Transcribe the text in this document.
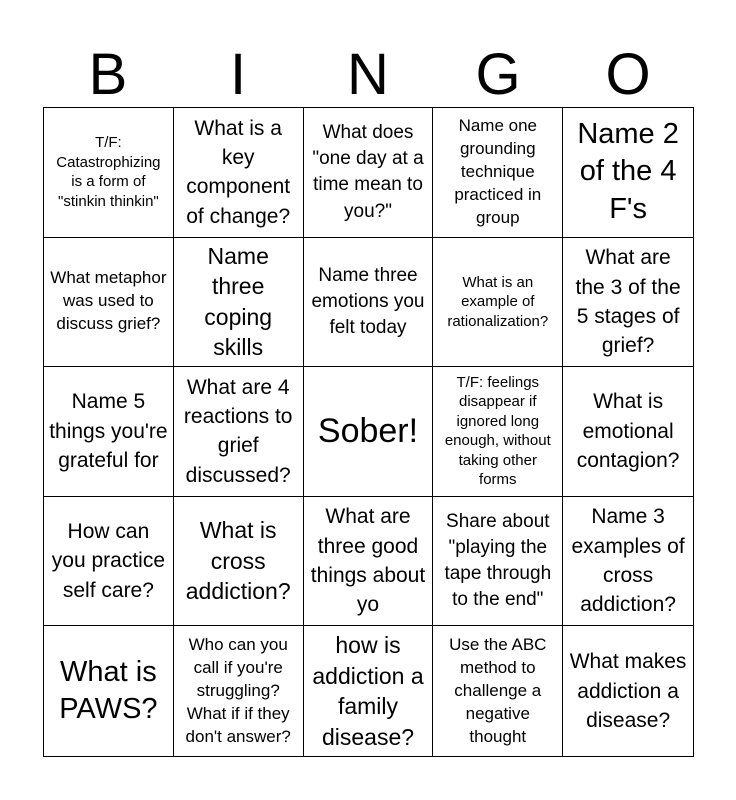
B	I	N	G	O
T/F: Catastrophizing is a form of "stinkin thinkin"
What is a key component of change?
What does "one day at a time mean to you?"
Name one grounding technique practiced in group
Name 2 of the 4 F's
What metaphor was used to discuss grief?
Name three coping skills
Name three emotions you felt today
What is an example of rationalization?
What are the 3 of the 5 stages of grief?
Name 5 things you're grateful for
What are 4 reactions to grief discussed?
Sober!
T/F: feelings disappear if ignored long enough, without taking other forms
What is emotional contagion?
How can you practice self care?
What is cross addiction?
What are three good things about yo
Share about "playing the tape through to the end"
Name 3 examples of cross addiction?
What is PAWS?
Who can you call if you're struggling? What if if they don't answer?
how is addiction a family disease?
Use the ABC method to challenge a negative thought
What makes addiction a disease?
